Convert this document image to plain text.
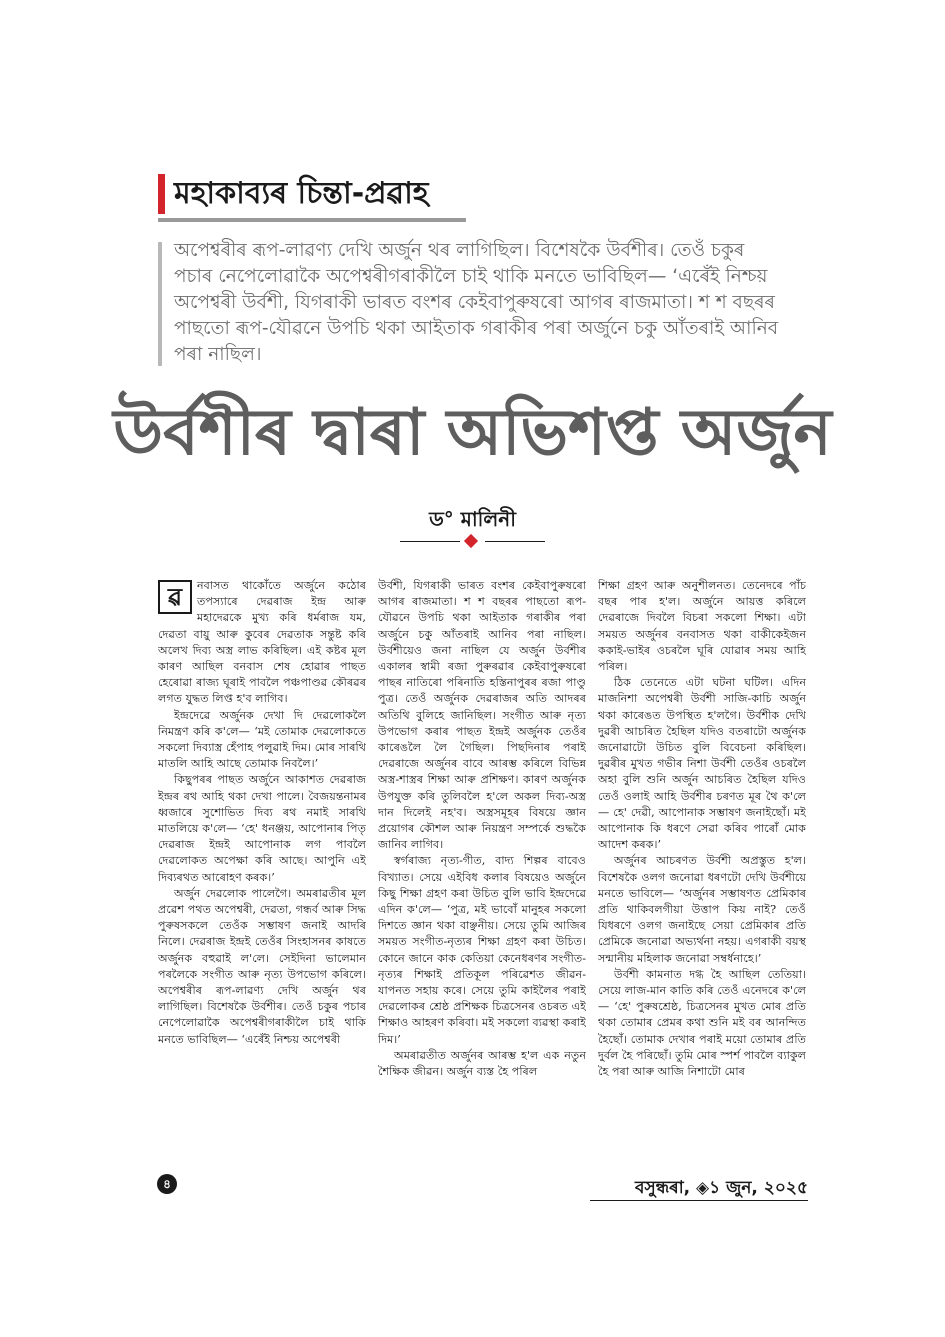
মহাকাব্যৰ চিন্তা-প্ৰৱাহ
অপেশ্বৰীৰ ৰূপ-লাৱণ্য দেখি অৰ্জুন থৰ লাগিছিল। বিশেষকৈ উৰ্বশীৰ। তেওঁ চকুৰ পচাৰ নেপেলোৱাকৈ অপেশ্বৰীগৰাকীলৈ চাই থাকি মনতে ভাবিছিল— ‘এৰেঁই নিশ্চয় অপেশ্বৰী উৰ্বশী, যিগৰাকী ভাৰত বংশৰ কেইবাপুৰুষৰো আগৰ ৰাজমাতা। শ শ বছৰৰ পাছতো ৰূপ-যৌৱনে উপচি থকা আইতাক গৰাকীৰ পৰা অৰ্জুনে চকু আঁতৰাই আনিব পৰা নাছিল।
উৰ্বশীৰ দ্বাৰা অভিশপ্ত অৰ্জুন
ড° মালিনী

ৱ	নবাসত থাকোঁতে অৰ্জুনে কঠোৰ তপস্যাৰে দেৱৰাজ ইন্দ্ৰ আৰু মহাদেৱকে মুখ্য কৰি ধৰ্মৰাজ যম, দেৱতা বায়ু আৰু কুবেৰ দেৱতাক সন্তুষ্ট কৰি অলেখ দিব্য অস্ত্ৰ লাভ কৰিছিল। এই কষ্টৰ মূল কাৰণ আছিল বনবাস শেষ হোৱাৰ পাছত হেৰোৱা ৰাজ্য ঘূৰাই পাবলৈ পঞ্চপাণ্ডৱ কৌৰৱৰ লগত যুদ্ধত লিপ্ত হ'ব লাগিব।

ইন্দ্ৰদেৱে অৰ্জুনক দেখা দি দেৱলোকলৈ নিমন্ত্ৰণ কৰি ক'লে— ‘মই তোমাক দেৱলোকতে সকলো দিব্যাস্ত্ৰ হেঁপাহ পলুৱাই দিম। মোৰ সাৰথি মাতলি আহি আছে তোমাক নিবলৈ।’

কিছুপৰৰ পাছত অৰ্জুনে আকাশত দেৱৰাজ ইন্দ্ৰৰ ৰথ আহি থকা দেখা পালে। বৈজয়ন্তনামৰ ধ্বজাৰে সুশোভিত দিব্য ৰথ নমাই সাৰথি মাতলিয়ে ক'লে— ‘হে' ধনঞ্জয়, আপোনাৰ পিতৃ দেৱৰাজ ইন্দ্ৰই আপোনাক লগ পাবলৈ দেৱলোকত অপেক্ষা কৰি আছে। আপুনি এই দিব্যৰথত আৰোহণ কৰক।’

অৰ্জুন দেৱলোক পালেগৈ। অমৰাৱতীৰ মূল প্ৰৱেশ পথত অপেশ্বৰী, দেৱতা, গন্ধৰ্ব আৰু সিদ্ধ পুৰুষসকলে তেওঁক সম্ভাষণ জনাই আদৰি নিলে। দেৱৰাজ ইন্দ্ৰই তেওঁৰ সিংহাসনৰ কাষতে অৰ্জুনক বহুৱাই ল'লে। সেইদিনা ভালেমান পৰলৈকে সংগীত আৰু নৃত্য উপভোগ কৰিলে। অপেশ্বৰীৰ ৰূপ-লাৱণ্য দেখি অৰ্জুন থৰ লাগিছিল। বিশেষকৈ উৰ্বশীৰ। তেওঁ চকুৰ পচাৰ নেপেলোৱাকৈ অপেশ্বৰীগৰাকীলৈ চাই থাকি মনতে ভাবিছিল— ‘এৰেঁই নিশ্চয় অপেশ্বৰী

উৰ্বশী, যিগৰাকী ভাৰত বংশৰ কেইবাপুৰুষৰো আগৰ ৰাজমাতা। শ শ বছৰৰ পাছতো ৰূপ-যৌৱনে উপচি থকা আইতাক গৰাকীৰ পৰা অৰ্জুনে চকু আঁতৰাই আনিব পৰা নাছিল। উৰ্বশীয়েও জনা নাছিল যে অৰ্জুন উৰ্বশীৰ একালৰ স্বামী ৰজা পুৰুৰৱাৰ কেইবাপুৰুষৰো পাছৰ নাতিৰো পৰিনাতি হস্তিনাপুৰৰ ৰজা পাণ্ডু পুত্ৰ। তেওঁ অৰ্জুনক দেৱৰাজৰ অতি আদৰৰ অতিথি বুলিহে জানিছিল। সংগীত আৰু নৃত্য উপভোগ কৰাৰ পাছত ইন্দ্ৰই অৰ্জুনক তেওঁৰ কাৰেঙলৈ লৈ গৈছিল। পিছদিনাৰ পৰাই দেৱৰাজে অৰ্জুনৰ বাবে আৰম্ভ কৰিলে বিভিন্ন অস্ত্ৰ-শাস্ত্ৰৰ শিক্ষা আৰু প্ৰশিক্ষণ। কাৰণ অৰ্জুনক উপযুক্ত কৰি তুলিবলৈ হ'লে অকল দিব্য-অস্ত্ৰ দান দিলেই নহ'ব। অস্ত্ৰসমূহৰ বিষয়ে জ্ঞান প্ৰয়োগৰ কৌশল আৰু নিয়ন্ত্ৰণ সম্পৰ্কে শুদ্ধকৈ জানিব লাগিব।

স্বৰ্গৰাজ্য নৃত্য-গীত, বাদ্য শিল্পৰ বাবেও বিখ্যাত। সেয়ে এইবিধ কলাৰ বিষয়েও অৰ্জুনে কিছু শিক্ষা গ্ৰহণ কৰা উচিত বুলি ভাবি ইন্দ্ৰদেৱে এদিন ক'লে— ‘পুত্ৰ, মই ভাবোঁ মানুহৰ সকলো দিশতে জ্ঞান থকা বাঞ্ছনীয়। সেয়ে তুমি আজিৰ সময়ত সংগীত-নৃত্যৰ শিক্ষা গ্ৰহণ কৰা উচিত। কোনে জানে কাক কেতিয়া কেনেধৰণৰ সংগীত-নৃত্যৰ শিক্ষাই প্ৰতিকূল পৰিৱেশত জীৱন-যাপনত সহায় কৰে। সেয়ে তুমি কাইলৈৰ পৰাই দেৱলোকৰ শ্ৰেষ্ঠ প্ৰশিক্ষক চিত্ৰসেনৰ ওচৰত এই শিক্ষাও আহৰণ কৰিবা। মই সকলো ব্যৱস্থা কৰাই দিম।’

অমৰাৱতীত অৰ্জুনৰ আৰম্ভ হ'ল এক নতুন শৈক্ষিক জীৱন। অৰ্জুন ব্যস্ত হৈ পৰিল

শিক্ষা গ্ৰহণ আৰু অনুশীলনত। তেনেদৰে পাঁচ বছৰ পাৰ হ'ল। অৰ্জুনে আয়ত্ত কৰিলে দেৱৰাজে দিবলৈ বিচৰা সকলো শিক্ষা। এটা সময়ত অৰ্জুনৰ বনবাসত থকা বাকীকেইজন ককাই-ভাইৰ ওচৰলৈ ঘূৰি যোৱাৰ সময় আহি পৰিল।

ঠিক তেনেতে এটা ঘটনা ঘটিল। এদিন মাজনিশা অপেশ্বৰী উৰ্বশী সাজি-কাচি অৰ্জুন থকা কাৰেঙত উপস্থিত হ'লগৈ। উৰ্বশীক দেখি দুৱৰী আচৰিত হৈছিল যদিও বতৰাটো অৰ্জুনক জনোৱাটো উচিত বুলি বিবেচনা কৰিছিল। দুৱৰীৰ মুখত গভীৰ নিশা উৰ্বশী তেওঁৰ ওচৰলৈ অহা বুলি শুনি অৰ্জুন আচৰিত হৈছিল যদিও তেওঁ ওলাই আহি উৰ্বশীৰ চৰণত মূৰ থৈ ক'লে— হে' দেৱী, আপোনাক সম্ভাষণ জনাইছোঁ। মই আপোনাক কি ধৰণে সেৱা কৰিব পাৰোঁ মোক আদেশ কৰক।’

অৰ্জুনৰ আচৰণত উৰ্বশী অপ্ৰস্তুত হ'ল। বিশেষকৈ ওলগ জনোৱা ধৰণটো দেখি উৰ্বশীয়ে মনতে ভাবিলে— ‘অৰ্জুনৰ সম্ভাষণত প্ৰেমিকাৰ প্ৰতি থাকিবলগীয়া উত্তাপ কিয় নাই? তেওঁ যিধৰণে ওলগ জনাইছে সেয়া প্ৰেমিকাৰ প্ৰতি প্ৰেমিকে জনোৱা অভ্যৰ্থনা নহয়। এগৰাকী বয়স্থ সন্মানীয় মহিলাক জনোৱা সম্বৰ্ধনাহে।’

উৰ্বশী কামনাত দগ্ধ হৈ আছিল তেতিয়া। সেয়ে লাজ-মান কাতি কৰি তেওঁ এনেদৰে ক'লে — ‘হে' পুৰুষশ্ৰেষ্ঠ, চিত্ৰসেনৰ মুখত মোৰ প্ৰতি থকা তোমাৰ প্ৰেমৰ কথা শুনি মই বৰ আনন্দিত হৈছোঁ। তোমাক দেখাৰ পৰাই ময়ো তোমাৰ প্ৰতি দুৰ্বল হৈ পৰিছোঁ। তুমি মোৰ স্পৰ্শ পাবলৈ ব্যাকুল হৈ পৰা আৰু আজি নিশাটো মোৰ

৪	বসুন্ধৰা, ◈১ জুন, ২০২৫
